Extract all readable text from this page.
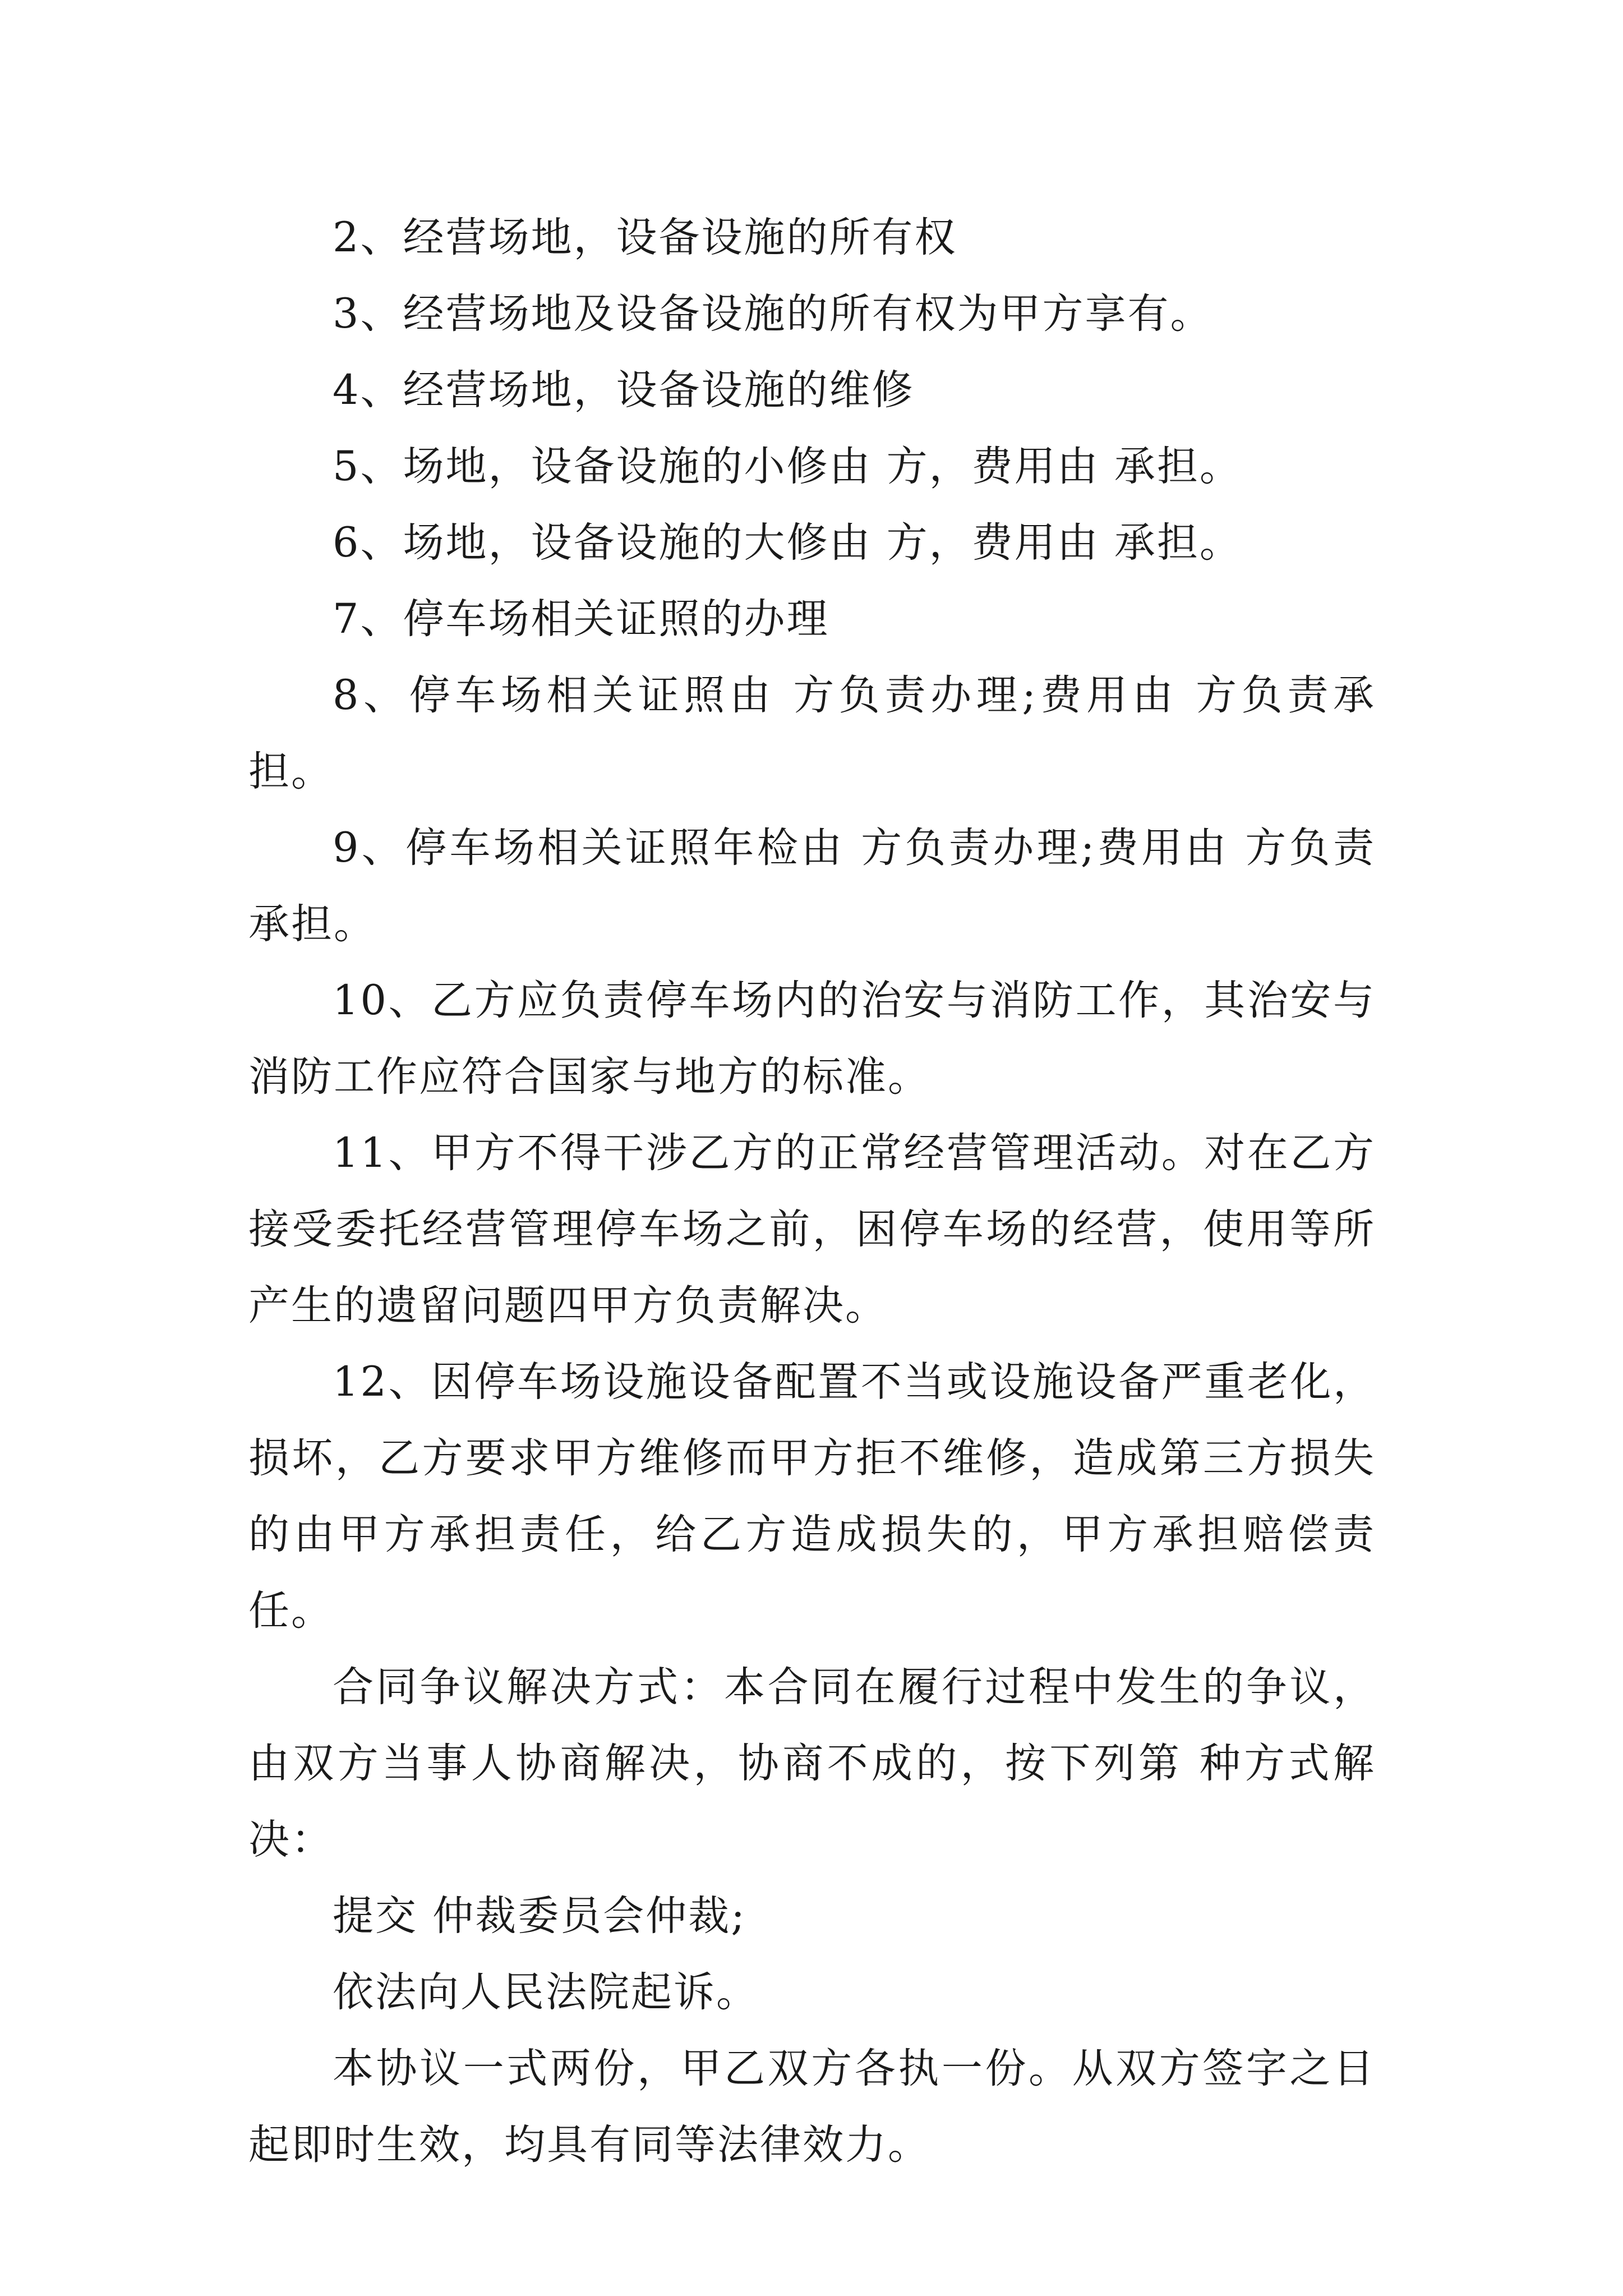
2、经营场地，设备设施的所有权

3、经营场地及设备设施的所有权为甲方享有。

4、经营场地，设备设施的维修

5、场地，设备设施的小修由 方，费用由 承担。

6、场地，设备设施的大修由 方，费用由 承担。

7、停车场相关证照的办理

8、停车场相关证照由 方负责办理;费用由 方负责承担。

9、停车场相关证照年检由 方负责办理;费用由 方负责承担。

10、乙方应负责停车场内的治安与消防工作，其治安与消防工作应符合国家与地方的标准。

11、甲方不得干涉乙方的正常经营管理活动。对在乙方接受委托经营管理停车场之前，困停车场的经营，使用等所产生的遗留问题四甲方负责解决。

12、因停车场设施设备配置不当或设施设备严重老化，损坏，乙方要求甲方维修而甲方拒不维修，造成第三方损失的由甲方承担责任，给乙方造成损失的，甲方承担赔偿责任。

合同争议解决方式：本合同在履行过程中发生的争议，由双方当事人协商解决，协商不成的，按下列第 种方式解决：

提交 仲裁委员会仲裁;

依法向人民法院起诉。

本协议一式两份，甲乙双方各执一份。从双方签字之日起即时生效，均具有同等法律效力。
